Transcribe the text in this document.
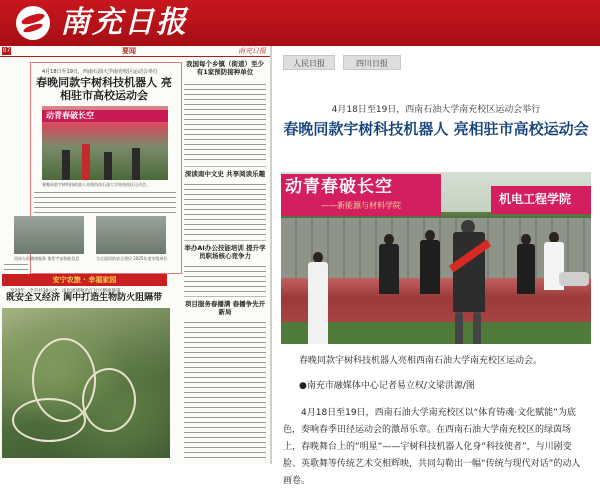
南充日报
07	要闻	南充日报
4月18日至19日，西南石油大学南充校区运动会举行
春晚同款宇树科技机器人 亮相驻市高校运动会
动青春破长空
春晚同款宇树科技机器人亮相西南石油大学南充校区运动会。
西南人机健康服务 推荐宇宙智能信息	为全面消防安全建设 2025年度市级单位
我国每个乡镇（街道）至少有1家预防接种单位
深读南中文史 共享阅读乐趣
举办AI办公技能培训 提升学员职场核心竞争力
项目服务春播满 春播争先开新局
安宁农旅 · 幸福家园
至20年，全市共30公里，南岸流域和沿江片区精准施策
既安全又经济 阆中打造生物防火阻隔带
人民日报	四川日报
4月18日至19日，西南石油大学南充校区运动会举行
春晚同款宇树科技机器人 亮相驻市高校运动会
动青春破长空
——新能源与材料学院	机电工程学院
春晚同款宇树科技机器人亮相西南石油大学南充校区运动会。
●南充市融媒体中心记者易立权/文梁洪源/图

4月18日至19日，西南石油大学南充校区以“体育铸魂·文化赋能”为底色，奏响春季田径运动会的激昂乐章。在西南石油大学南充校区的绿茵场上，春晚舞台上的“明星”——宇树科技机器人化身“科技使者”，与川剧变脸、英歌舞等传统艺术交相辉映，共同勾勒出一幅“传统与现代对话”的动人画卷。
